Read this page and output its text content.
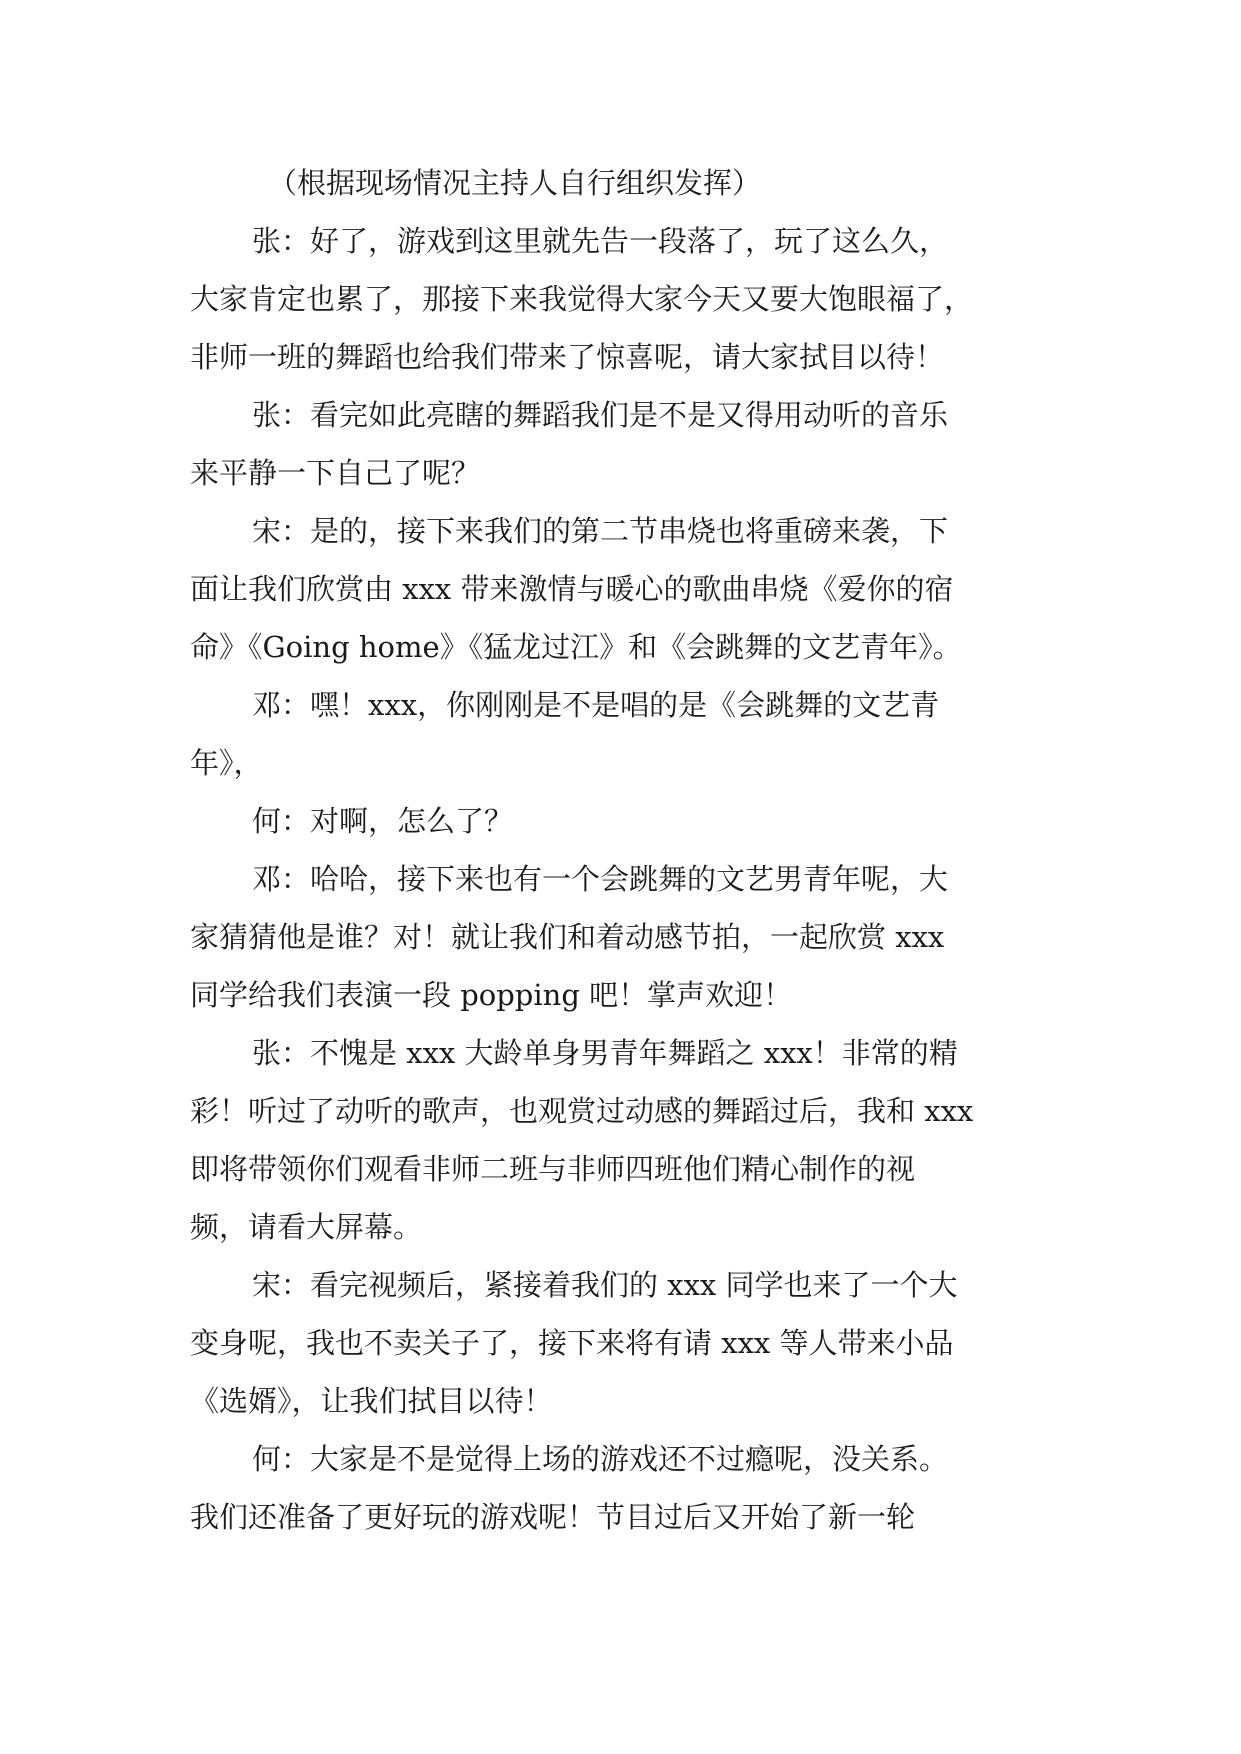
（根据现场情况主持人自行组织发挥）
张：好了，游戏到这里就先告一段落了，玩了这么久，
大家肯定也累了，那接下来我觉得大家今天又要大饱眼福了，
非师一班的舞蹈也给我们带来了惊喜呢，请大家拭目以待！
张：看完如此亮瞎的舞蹈我们是不是又得用动听的音乐
来平静一下自己了呢？
宋：是的，接下来我们的第二节串烧也将重磅来袭，下
面让我们欣赏由 xxx 带来激情与暖心的歌曲串烧《爱你的宿
命》《Going home》《猛龙过江》和《会跳舞的文艺青年》。
邓：嘿！xxx，你刚刚是不是唱的是《会跳舞的文艺青
年》，
何：对啊，怎么了？
邓：哈哈，接下来也有一个会跳舞的文艺男青年呢，大
家猜猜他是谁？对！就让我们和着动感节拍，一起欣赏 xxx
同学给我们表演一段 popping 吧！掌声欢迎！
张：不愧是 xxx 大龄单身男青年舞蹈之 xxx！非常的精
彩！听过了动听的歌声，也观赏过动感的舞蹈过后，我和 xxx
即将带领你们观看非师二班与非师四班他们精心制作的视
频，请看大屏幕。
宋：看完视频后，紧接着我们的 xxx 同学也来了一个大
变身呢，我也不卖关子了，接下来将有请 xxx 等人带来小品
《选婿》，让我们拭目以待！
何：大家是不是觉得上场的游戏还不过瘾呢，没关系。
我们还准备了更好玩的游戏呢！节目过后又开始了新一轮
